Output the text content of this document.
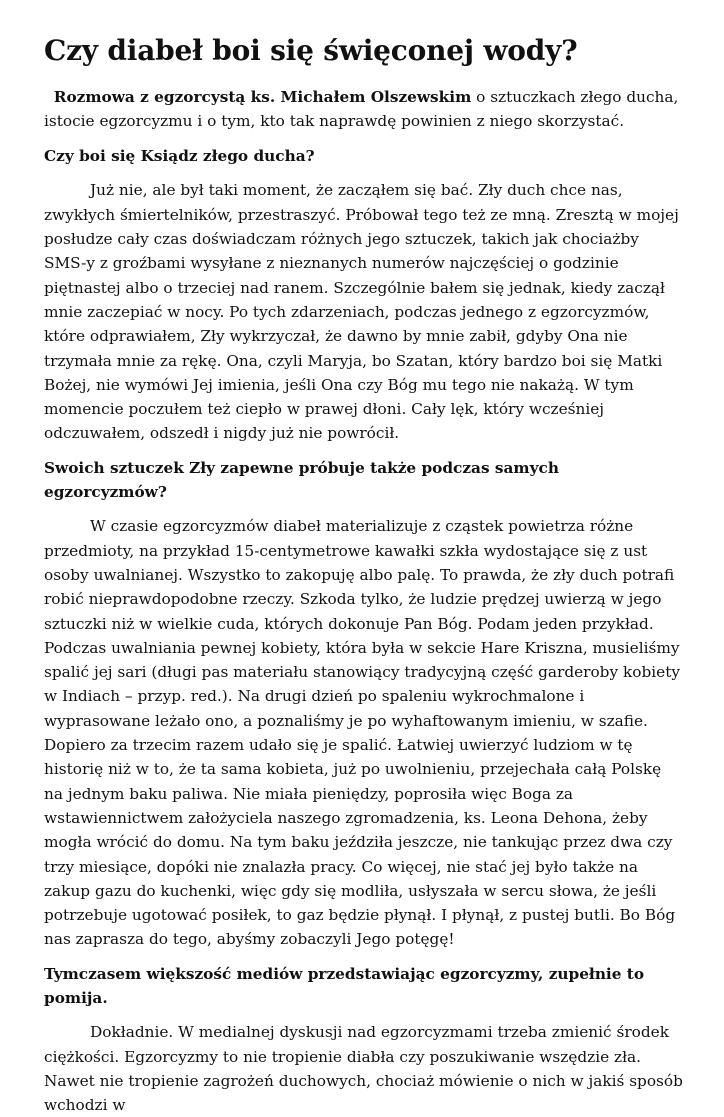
Czy diabeł boi się święconej wody?

Rozmowa z egzorcystą ks. Michałem Olszewskim o sztuczkach złego ducha, istocie egzorcyzmu i o tym, kto tak naprawdę powinien z niego skorzystać.

Czy boi się Ksiądz złego ducha?

Już nie, ale był taki moment, że zacząłem się bać. Zły duch chce nas, zwykłych śmiertelników, przestraszyć. Próbował tego też ze mną. Zresztą w mojej posłudze cały czas doświadczam różnych jego sztuczek, takich jak chociażby SMS-y z groźbami wysyłane z nieznanych numerów najczęściej o godzinie piętnastej albo o trzeciej nad ranem. Szczególnie bałem się jednak, kiedy zaczął mnie zaczepiać w nocy. Po tych zdarzeniach, podczas jednego z egzorcyzmów, które odprawiałem, Zły wykrzyczał, że dawno by mnie zabił, gdyby Ona nie trzymała mnie za rękę. Ona, czyli Maryja, bo Szatan, który bardzo boi się Matki Bożej, nie wymówi Jej imienia, jeśli Ona czy Bóg mu tego nie nakażą. W tym momencie poczułem też ciepło w prawej dłoni. Cały lęk, który wcześniej odczuwałem, odszedł i nigdy już nie powrócił.

Swoich sztuczek Zły zapewne próbuje także podczas samych egzorcyzmów?

W czasie egzorcyzmów diabeł materializuje z cząstek powietrza różne przedmioty, na przykład 15-centymetrowe kawałki szkła wydostające się z ust osoby uwalnianej. Wszystko to zakopuję albo palę. To prawda, że zły duch potrafi robić nieprawdopodobne rzeczy. Szkoda tylko, że ludzie prędzej uwierzą w jego sztuczki niż w wielkie cuda, których dokonuje Pan Bóg. Podam jeden przykład. Podczas uwalniania pewnej kobiety, która była w sekcie Hare Kriszna, musieliśmy spalić jej sari (długi pas materiału stanowiący tradycyjną część garderoby kobiety w Indiach – przyp. red.). Na drugi dzień po spaleniu wykrochmalone i wyprasowane leżało ono, a poznaliśmy je po wyhaftowanym imieniu, w szafie. Dopiero za trzecim razem udało się je spalić. Łatwiej uwierzyć ludziom w tę historię niż w to, że ta sama kobieta, już po uwolnieniu, przejechała całą Polskę na jednym baku paliwa. Nie miała pieniędzy, poprosiła więc Boga za wstawiennictwem założyciela naszego zgromadzenia, ks. Leona Dehona, żeby mogła wrócić do domu. Na tym baku jeździła jeszcze, nie tankując przez dwa czy trzy miesiące, dopóki nie znalazła pracy. Co więcej, nie stać jej było także na zakup gazu do kuchenki, więc gdy się modliła, usłyszała w sercu słowa, że jeśli potrzebuje ugotować posiłek, to gaz będzie płynął. I płynął, z pustej butli. Bo Bóg nas zaprasza do tego, abyśmy zobaczyli Jego potęgę!

Tymczasem większość mediów przedstawiając egzorcyzmy, zupełnie to pomija.

Dokładnie. W medialnej dyskusji nad egzorcyzmami trzeba zmienić środek ciężkości. Egzorcyzmy to nie tropienie diabła czy poszukiwanie wszędzie zła. Nawet nie tropienie zagrożeń duchowych, chociaż mówienie o nich w jakiś sposób wchodzi w
